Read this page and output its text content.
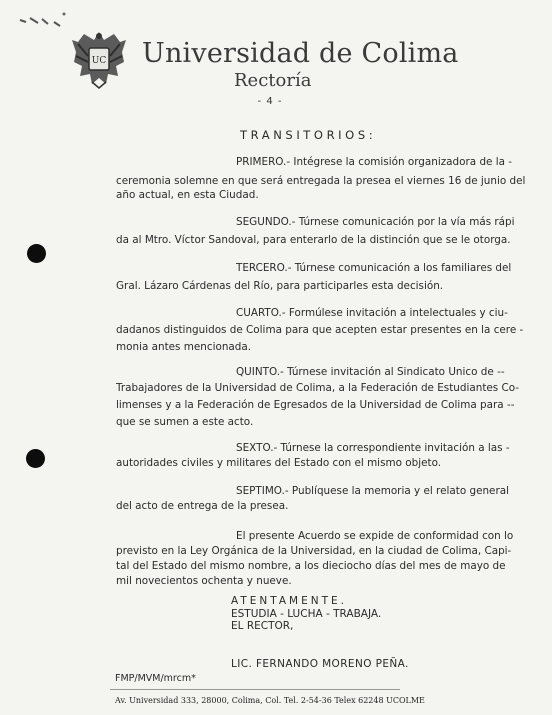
UC Universidad de Colima
Rectoría
- 4 -
TRANSITORIOS:
PRIMERO.- Intégrese la comisión organizadora de la -
ceremonia solemne en que será entregada la presea el viernes 16 de junio del
año actual, en esta Ciudad.
SEGUNDO.- Túrnese comunicación por la vía más rápi
da al Mtro. Víctor Sandoval, para enterarlo de la distinción que se le otorga.
TERCERO.- Túrnese comunicación a los familiares del
Gral. Lázaro Cárdenas del Río, para participarles esta decisión.
CUARTO.- Formúlese invitación a intelectuales y ciu-
dadanos distinguidos de Colima para que acepten estar presentes en la cere -
monia antes mencionada.
QUINTO.- Túrnese invitación al Sindicato Unico de --
Trabajadores de la Universidad de Colima, a la Federación de Estudiantes Co-
limenses y a la Federación de Egresados de la Universidad de Colima para --
que se sumen a este acto.
SEXTO.- Túrnese la correspondiente invitación a las -
autoridades civiles y militares del Estado con el mismo objeto.
SEPTIMO.- Publíquese la memoria y el relato general
del acto de entrega de la presea.
El presente Acuerdo se expide de conformidad con lo
previsto en la Ley Orgánica de la Universidad, en la ciudad de Colima, Capi-
tal del Estado del mismo nombre, a los dieciocho días del mes de mayo de
mil novecientos ochenta y nueve.
ATENTAMENTE.
ESTUDIA - LUCHA - TRABAJA.
EL RECTOR,
LIC. FERNANDO MORENO PEÑA.
FMP/MVM/mrcm*
Av. Universidad 333, 28000, Colima, Col. Tel. 2-54-36 Telex 62248 UCOLME
